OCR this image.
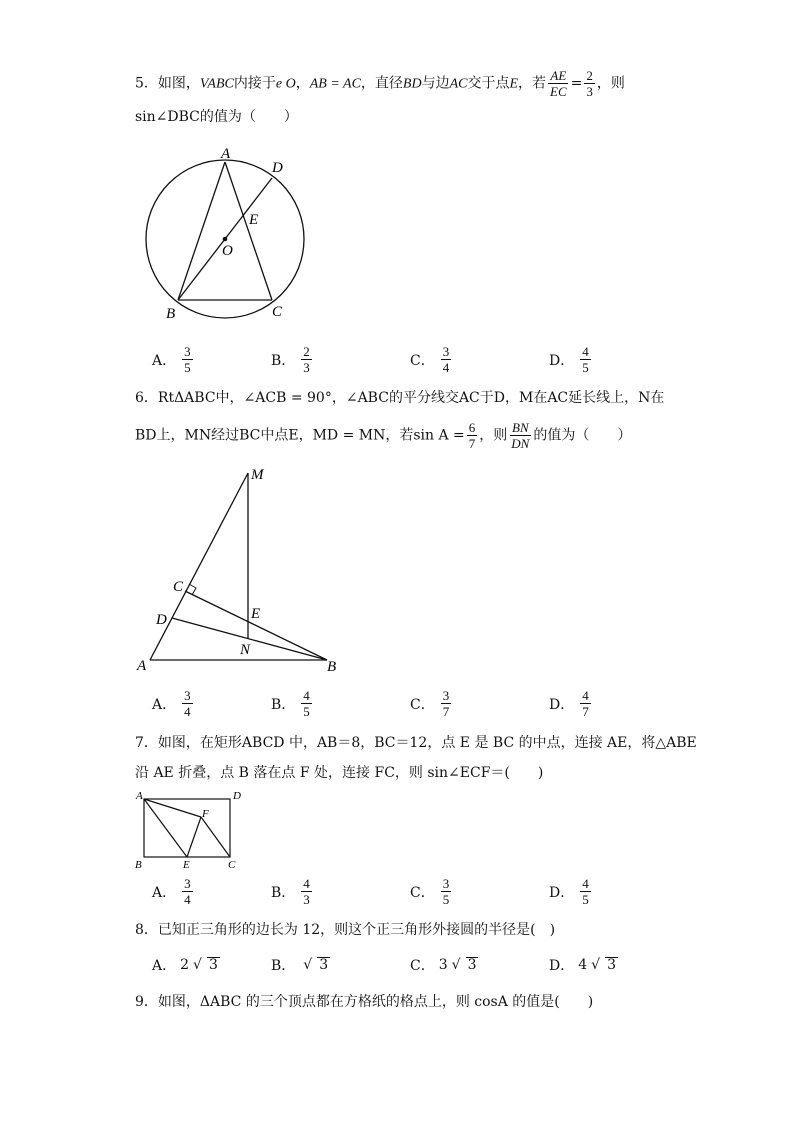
5．如图，VABC内接于e O，AB = AC，直径BD与边AC交于点E，若 $\frac{AE}{EC} = \frac{2}{3}$ ，则
sin∠DBC的值为（　　）
A
D
E
O
B	C
A． $\frac{3}{5}$	B． $\frac{2}{3}$	C． $\frac{3}{4}$	D． $\frac{4}{5}$
6．RtΔABC中，∠ACB = 90°，∠ABC的平分线交AC于D，M在AC延长线上，N在
BD上，MN经过BC中点E，MD = MN，若$\sin A = \frac{6}{7}$ ，则 $\frac{BN}{DN}$ 的值为（　　）
M
C
E
D
N
A	B
A． $\frac{3}{4}$	B． $\frac{4}{5}$	C． $\frac{3}{7}$	D． $\frac{4}{7}$
7．如图，在矩形ABCD 中，AB＝8，BC＝12，点 E 是 BC 的中点，连接 AE，将△ABE
沿 AE 折叠，点 B 落在点 F 处，连接 FC，则 sin∠ECF＝(　　)
A	D
F
B	E	C
A． $\frac{3}{4}$	B． $\frac{4}{3}$	C． $\frac{3}{5}$	D． $\frac{4}{5}$
8．已知正三角形的边长为 12，则这个正三角形外接圆的半径是(　)
A． 2 √ 3	B． √ 3	C． 3 √ 3	D． 4 √ 3
9．如图，ΔABC 的三个顶点都在方格纸的格点上，则 cosA 的值是(　　)
